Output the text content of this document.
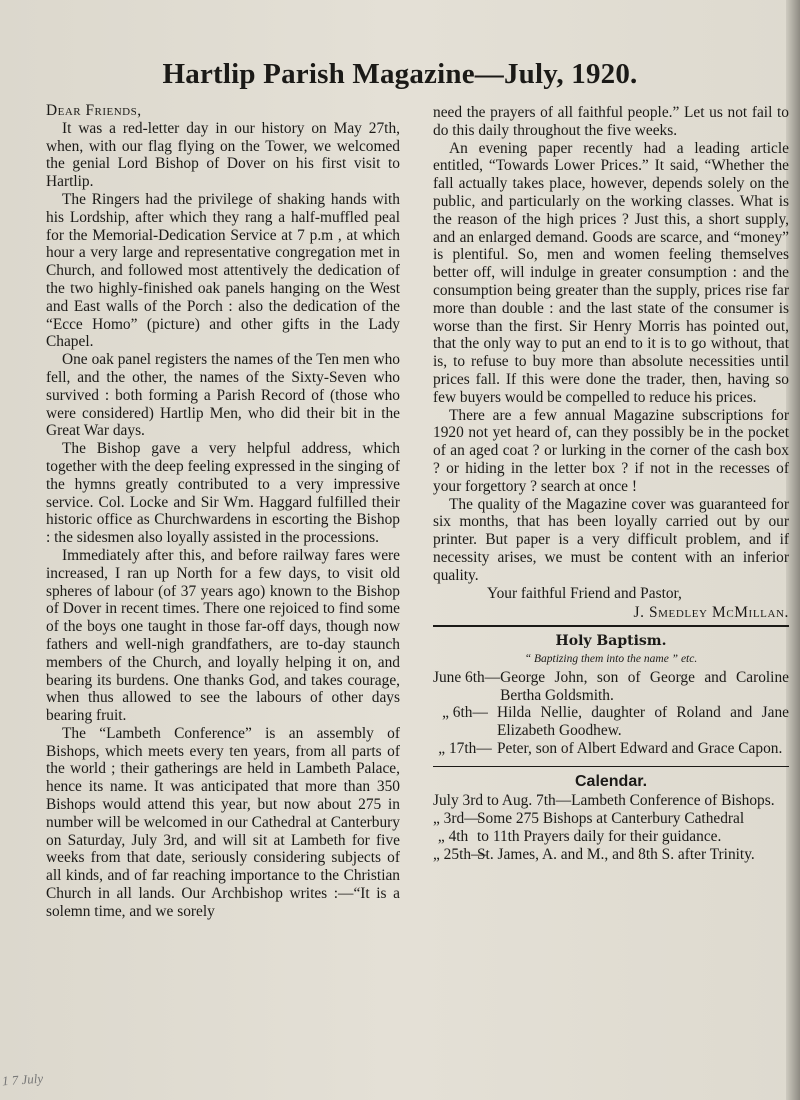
Hartlip Parish Magazine—July, 1920.

Dear Friends,

It was a red-letter day in our history on May 27th, when, with our flag flying on the Tower, we welcomed the genial Lord Bishop of Dover on his first visit to Hartlip.

The Ringers had the privilege of shaking hands with his Lordship, after which they rang a half-muffled peal for the Memorial-Dedication Service at 7 p.m , at which hour a very large and representative congregation met in Church, and followed most attentively the dedication of the two highly-finished oak panels hanging on the West and East walls of the Porch : also the dedication of the “Ecce Homo” (picture) and other gifts in the Lady Chapel.

One oak panel registers the names of the Ten men who fell, and the other, the names of the Sixty-Seven who survived : both forming a Parish Record of (those who were considered) Hartlip Men, who did their bit in the Great War days.

The Bishop gave a very helpful address, which together with the deep feeling expressed in the singing of the hymns greatly contributed to a very impressive service. Col. Locke and Sir Wm. Haggard fulfilled their historic office as Churchwardens in escorting the Bishop : the sidesmen also loyally assisted in the processions.

Immediately after this, and before railway fares were increased, I ran up North for a few days, to visit old spheres of labour (of 37 years ago) known to the Bishop of Dover in recent times. There one rejoiced to find some of the boys one taught in those far-off days, though now fathers and well-nigh grandfathers, are to-day staunch members of the Church, and loyally helping it on, and bearing its burdens. One thanks God, and takes courage, when thus allowed to see the labours of other days bearing fruit.

The “Lambeth Conference” is an assembly of Bishops, which meets every ten years, from all parts of the world ; their gatherings are held in Lambeth Palace, hence its name. It was anticipated that more than 350 Bishops would attend this year, but now about 275 in number will be welcomed in our Cathedral at Canterbury on Saturday, July 3rd, and will sit at Lambeth for five weeks from that date, seriously considering subjects of all kinds, and of far reaching importance to the Christian Church in all lands. Our Archbishop writes :—“It is a solemn time, and we sorely

need the prayers of all faithful people.” Let us not fail to do this daily throughout the five weeks.

An evening paper recently had a leading article entitled, “Towards Lower Prices.” It said, “Whether the fall actually takes place, however, depends solely on the public, and particularly on the working classes. What is the reason of the high prices ? Just this, a short supply, and an enlarged demand. Goods are scarce, and “money” is plentiful. So, men and women feeling themselves better off, will indulge in greater consumption : and the consumption being greater than the supply, prices rise far more than double : and the last state of the consumer is worse than the first. Sir Henry Morris has pointed out, that the only way to put an end to it is to go without, that is, to refuse to buy more than absolute necessities until prices fall. If this were done the trader, then, having so few buyers would be compelled to reduce his prices.

There are a few annual Magazine subscriptions for 1920 not yet heard of, can they possibly be in the pocket of an aged coat ? or lurking in the corner of the cash box ? or hiding in the letter box ? if not in the recesses of your forgettory ? search at once !

The quality of the Magazine cover was guaranteed for six months, that has been loyally carried out by our printer. But paper is a very difficult problem, and if necessity arises, we must be content with an inferior quality.

Your faithful Friend and Pastor,

J. Smedley McMillan.

Holy Baptism.

“ Baptizing them into the name ” etc.

June 6th— George John, son of George and Caroline Bertha Goldsmith.
„ 6th— Hilda Nellie, daughter of Roland and Jane Elizabeth Goodhew.
„ 17th— Peter, son of Albert Edward and Grace Capon.

Calendar.

July 3rd to Aug. 7th— Lambeth Conference of Bishops.
„ 3rd—
Some 275 Bishops at Canterbury Cathedral
„ 4th to 11th Prayers daily for their guidance.
„ 25th—
St. James, A. and M., and 8th S. after Trinity.
1 7 July
